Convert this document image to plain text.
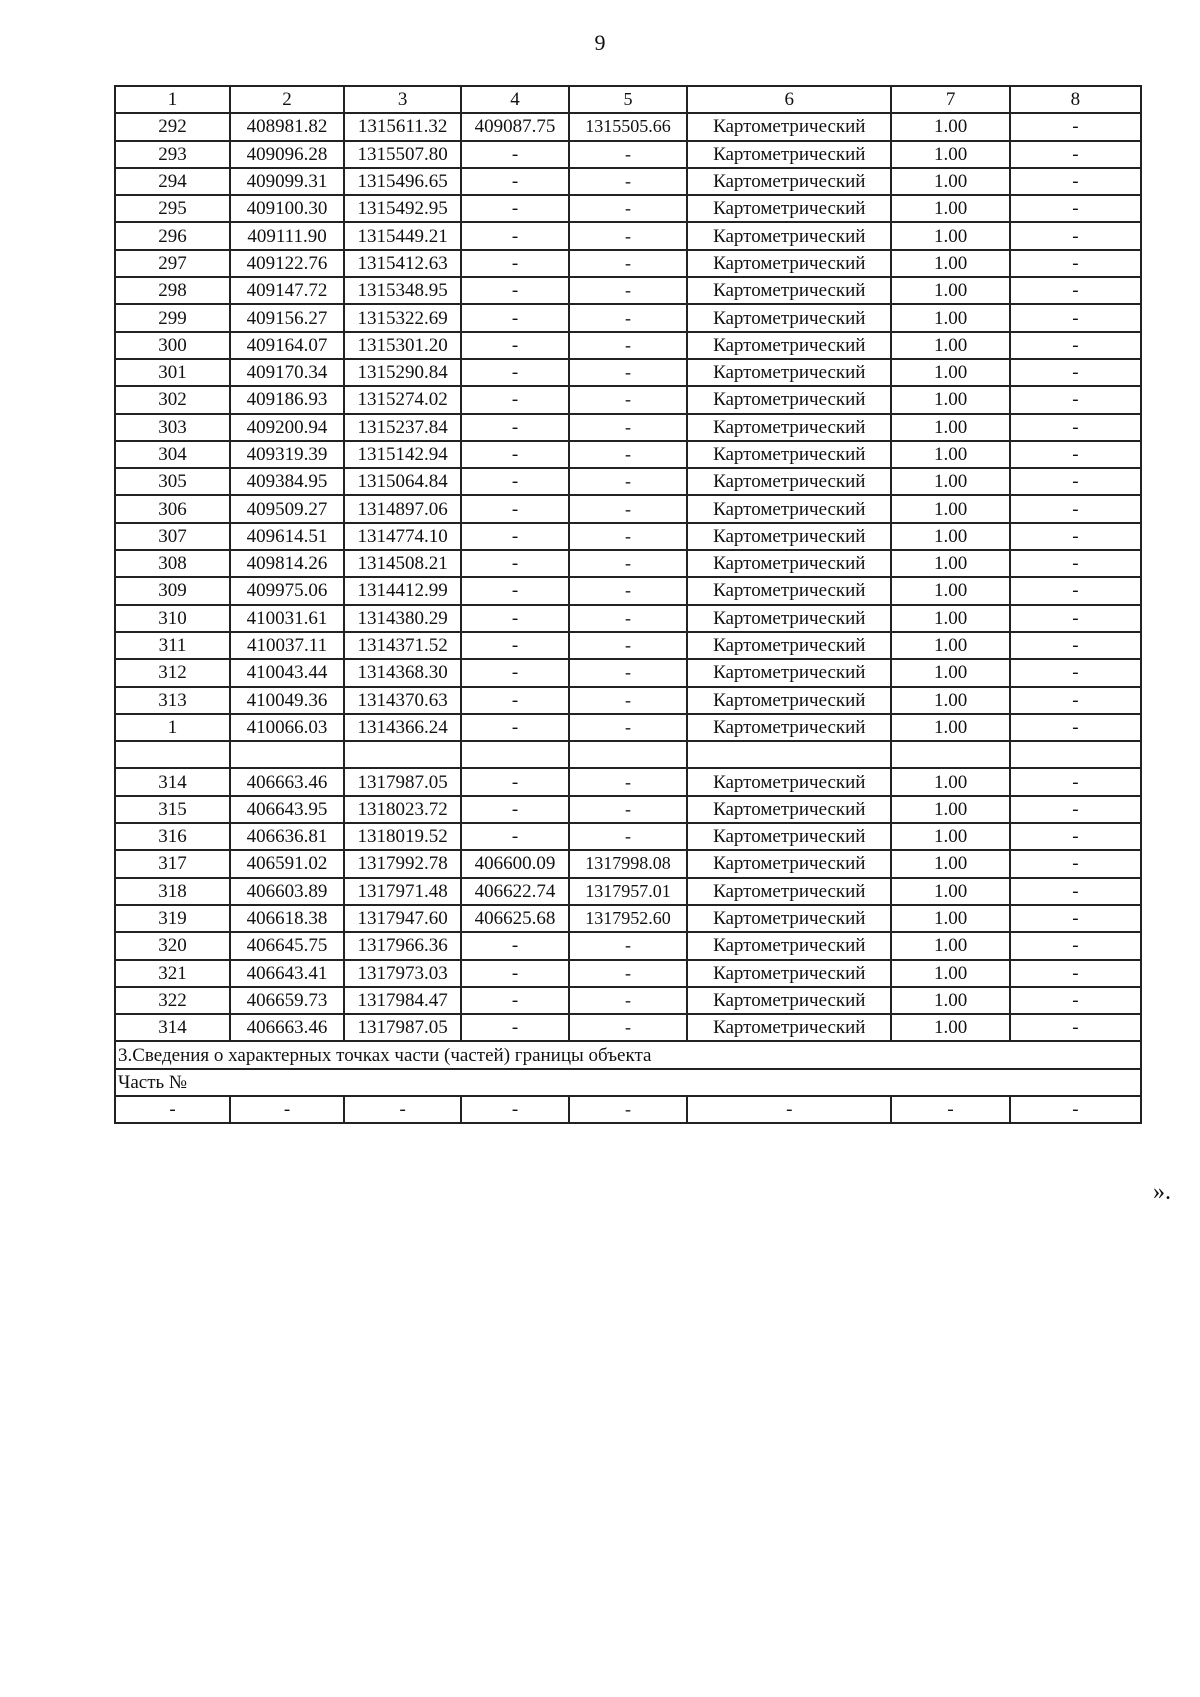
9
1	2	3	4	5	6	7	8
292	408981.82	1315611.32	409087.75	1315505.66	Картометрический	1.00	-
293	409096.28	1315507.80	-	-	Картометрический	1.00	-
294	409099.31	1315496.65	-	-	Картометрический	1.00	-
295	409100.30	1315492.95	-	-	Картометрический	1.00	-
296	409111.90	1315449.21	-	-	Картометрический	1.00	-
297	409122.76	1315412.63	-	-	Картометрический	1.00	-
298	409147.72	1315348.95	-	-	Картометрический	1.00	-
299	409156.27	1315322.69	-	-	Картометрический	1.00	-
300	409164.07	1315301.20	-	-	Картометрический	1.00	-
301	409170.34	1315290.84	-	-	Картометрический	1.00	-
302	409186.93	1315274.02	-	-	Картометрический	1.00	-
303	409200.94	1315237.84	-	-	Картометрический	1.00	-
304	409319.39	1315142.94	-	-	Картометрический	1.00	-
305	409384.95	1315064.84	-	-	Картометрический	1.00	-
306	409509.27	1314897.06	-	-	Картометрический	1.00	-
307	409614.51	1314774.10	-	-	Картометрический	1.00	-
308	409814.26	1314508.21	-	-	Картометрический	1.00	-
309	409975.06	1314412.99	-	-	Картометрический	1.00	-
310	410031.61	1314380.29	-	-	Картометрический	1.00	-
311	410037.11	1314371.52	-	-	Картометрический	1.00	-
312	410043.44	1314368.30	-	-	Картометрический	1.00	-
313	410049.36	1314370.63	-	-	Картометрический	1.00	-
1	410066.03	1314366.24	-	-	Картометрический	1.00	-

314	406663.46	1317987.05	-	-	Картометрический	1.00	-
315	406643.95	1318023.72	-	-	Картометрический	1.00	-
316	406636.81	1318019.52	-	-	Картометрический	1.00	-
317	406591.02	1317992.78	406600.09	1317998.08	Картометрический	1.00	-
318	406603.89	1317971.48	406622.74	1317957.01	Картометрический	1.00	-
319	406618.38	1317947.60	406625.68	1317952.60	Картометрический	1.00	-
320	406645.75	1317966.36	-	-	Картометрический	1.00	-
321	406643.41	1317973.03	-	-	Картометрический	1.00	-
322	406659.73	1317984.47	-	-	Картометрический	1.00	-
314	406663.46	1317987.05	-	-	Картометрический	1.00	-
3.Сведения о характерных точках части (частей) границы объекта							
Часть №							
-	-	-	-	-	-	-	-
».
